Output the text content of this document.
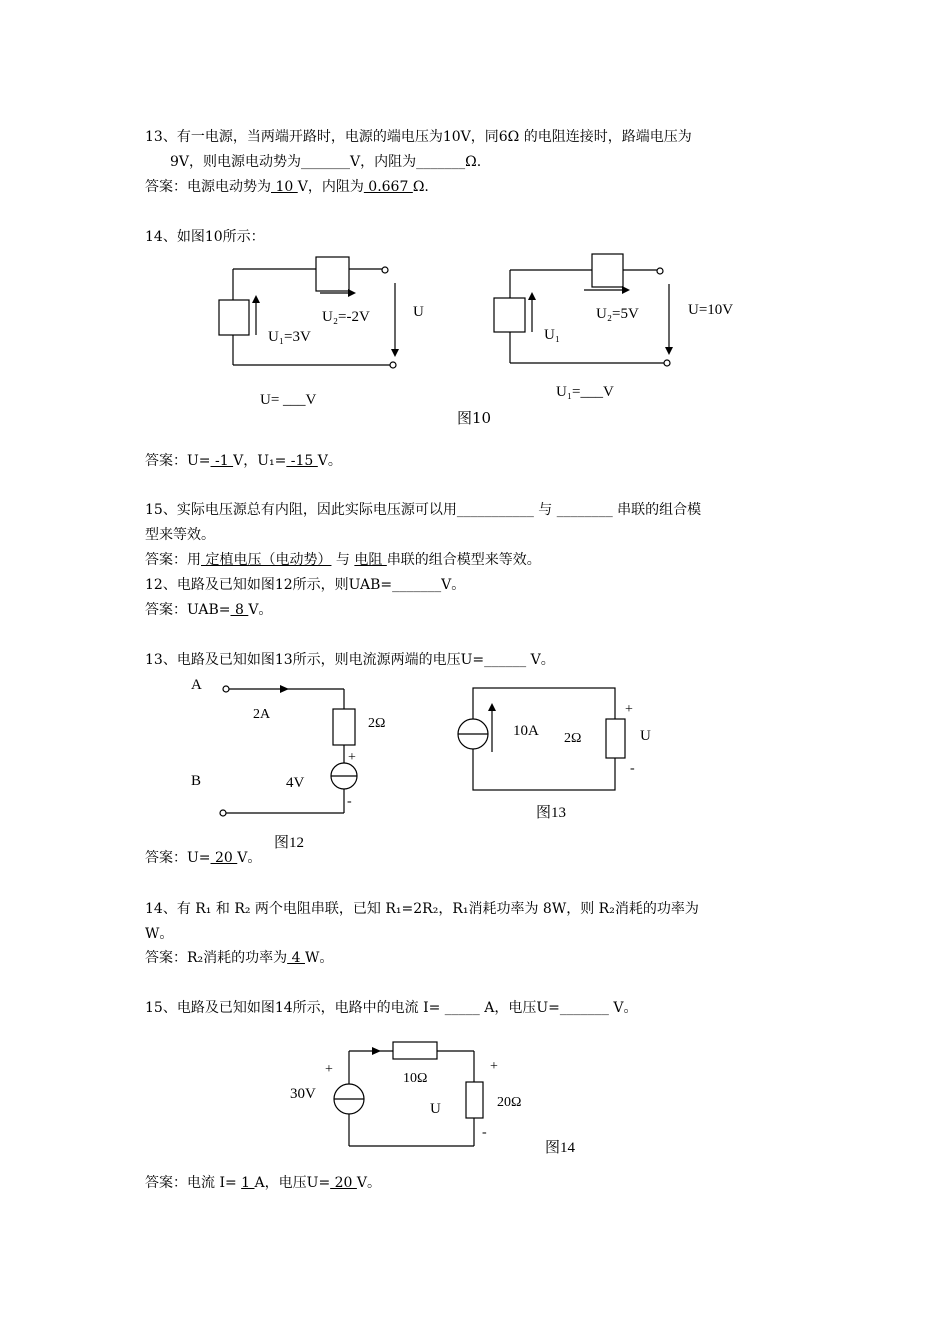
13、有一电源，当两端开路时，电源的端电压为10V，同6Ω 的电阻连接时，路端电压为
9V，则电源电动势为_______V，内阻为_______Ω.
答案：电源电动势为 10 V，内阻为 0.667 Ω.
14、如图10所示：
U₂=-2V
U₁=3V
U
U= ___V
U₂=5V
U₁
U=10V
U₁=___V
图10
答案：U= -1 V，U₁= -15 V。
15、实际电压源总有内阻，因此实际电压源可以用___________ 与 ________ 串联的组合模
型来等效。
答案：用 定植电压（电动势） 与 电阻 串联的组合模型来等效。
12、电路及已知如图12所示，则UAB=_______V。
答案：UAB= 8 V。
13、电路及已知如图13所示，则电流源两端的电压U=______ V。
A
2A
2Ω
+
4V
-
B
图12
10A 2Ω
+
U
-
图13
答案：U= 20 V。
14、有 R₁ 和 R₂ 两个电阻串联，已知 R₁=2R₂，R₁消耗功率为 8W，则 R₂消耗的功率为
W。
答案：R₂消耗的功率为 4 W。
15、电路及已知如图14所示，电路中的电流 I= _____ A，电压U=_______ V。
30V
+
10Ω
U
+
20Ω
-
图14
答案：电流 I= 1 A，电压U= 20 V。
